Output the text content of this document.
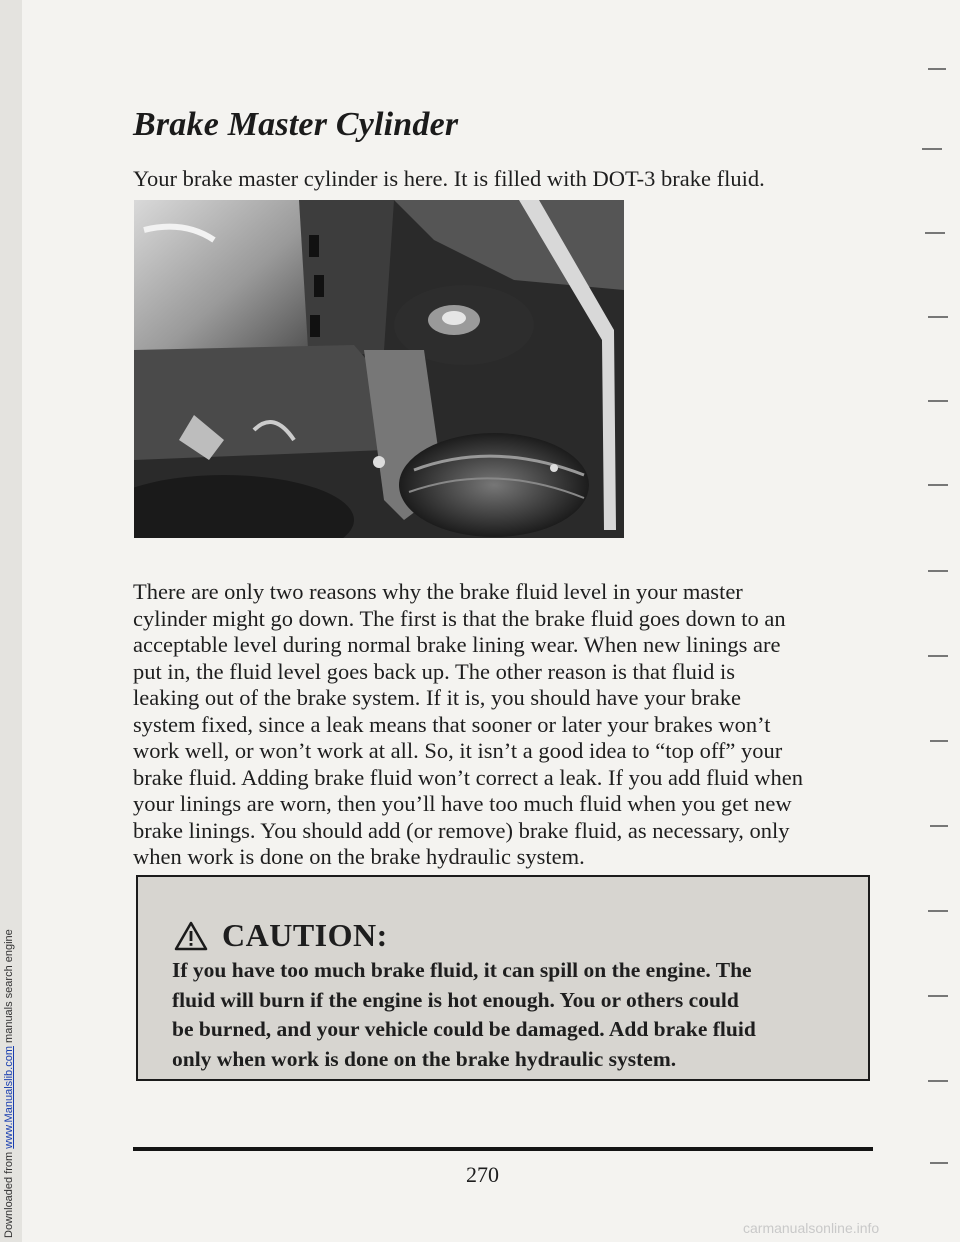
Downloaded from www.Manualslib.com manuals search engine
Brake Master Cylinder

Your brake master cylinder is here. It is filled with DOT-3 brake fluid.

There are only two reasons why the brake fluid level in your master
cylinder might go down. The first is that the brake fluid goes down to an
acceptable level during normal brake lining wear. When new linings are
put in, the fluid level goes back up. The other reason is that fluid is
leaking out of the brake system. If it is, you should have your brake
system fixed, since a leak means that sooner or later your brakes won’t
work well, or won’t work at all. So, it isn’t a good idea to “top off” your
brake fluid. Adding brake fluid won’t correct a leak. If you add fluid when
your linings are worn, then you’ll have too much fluid when you get new
brake linings. You should add (or remove) brake fluid, as necessary, only
when work is done on the brake hydraulic system.

CAUTION:

If you have too much brake fluid, it can spill on the engine. The
fluid will burn if the engine is hot enough. You or others could
be burned, and your vehicle could be damaged. Add brake fluid
only when work is done on the brake hydraulic system.

270
carmanualsonline.info
